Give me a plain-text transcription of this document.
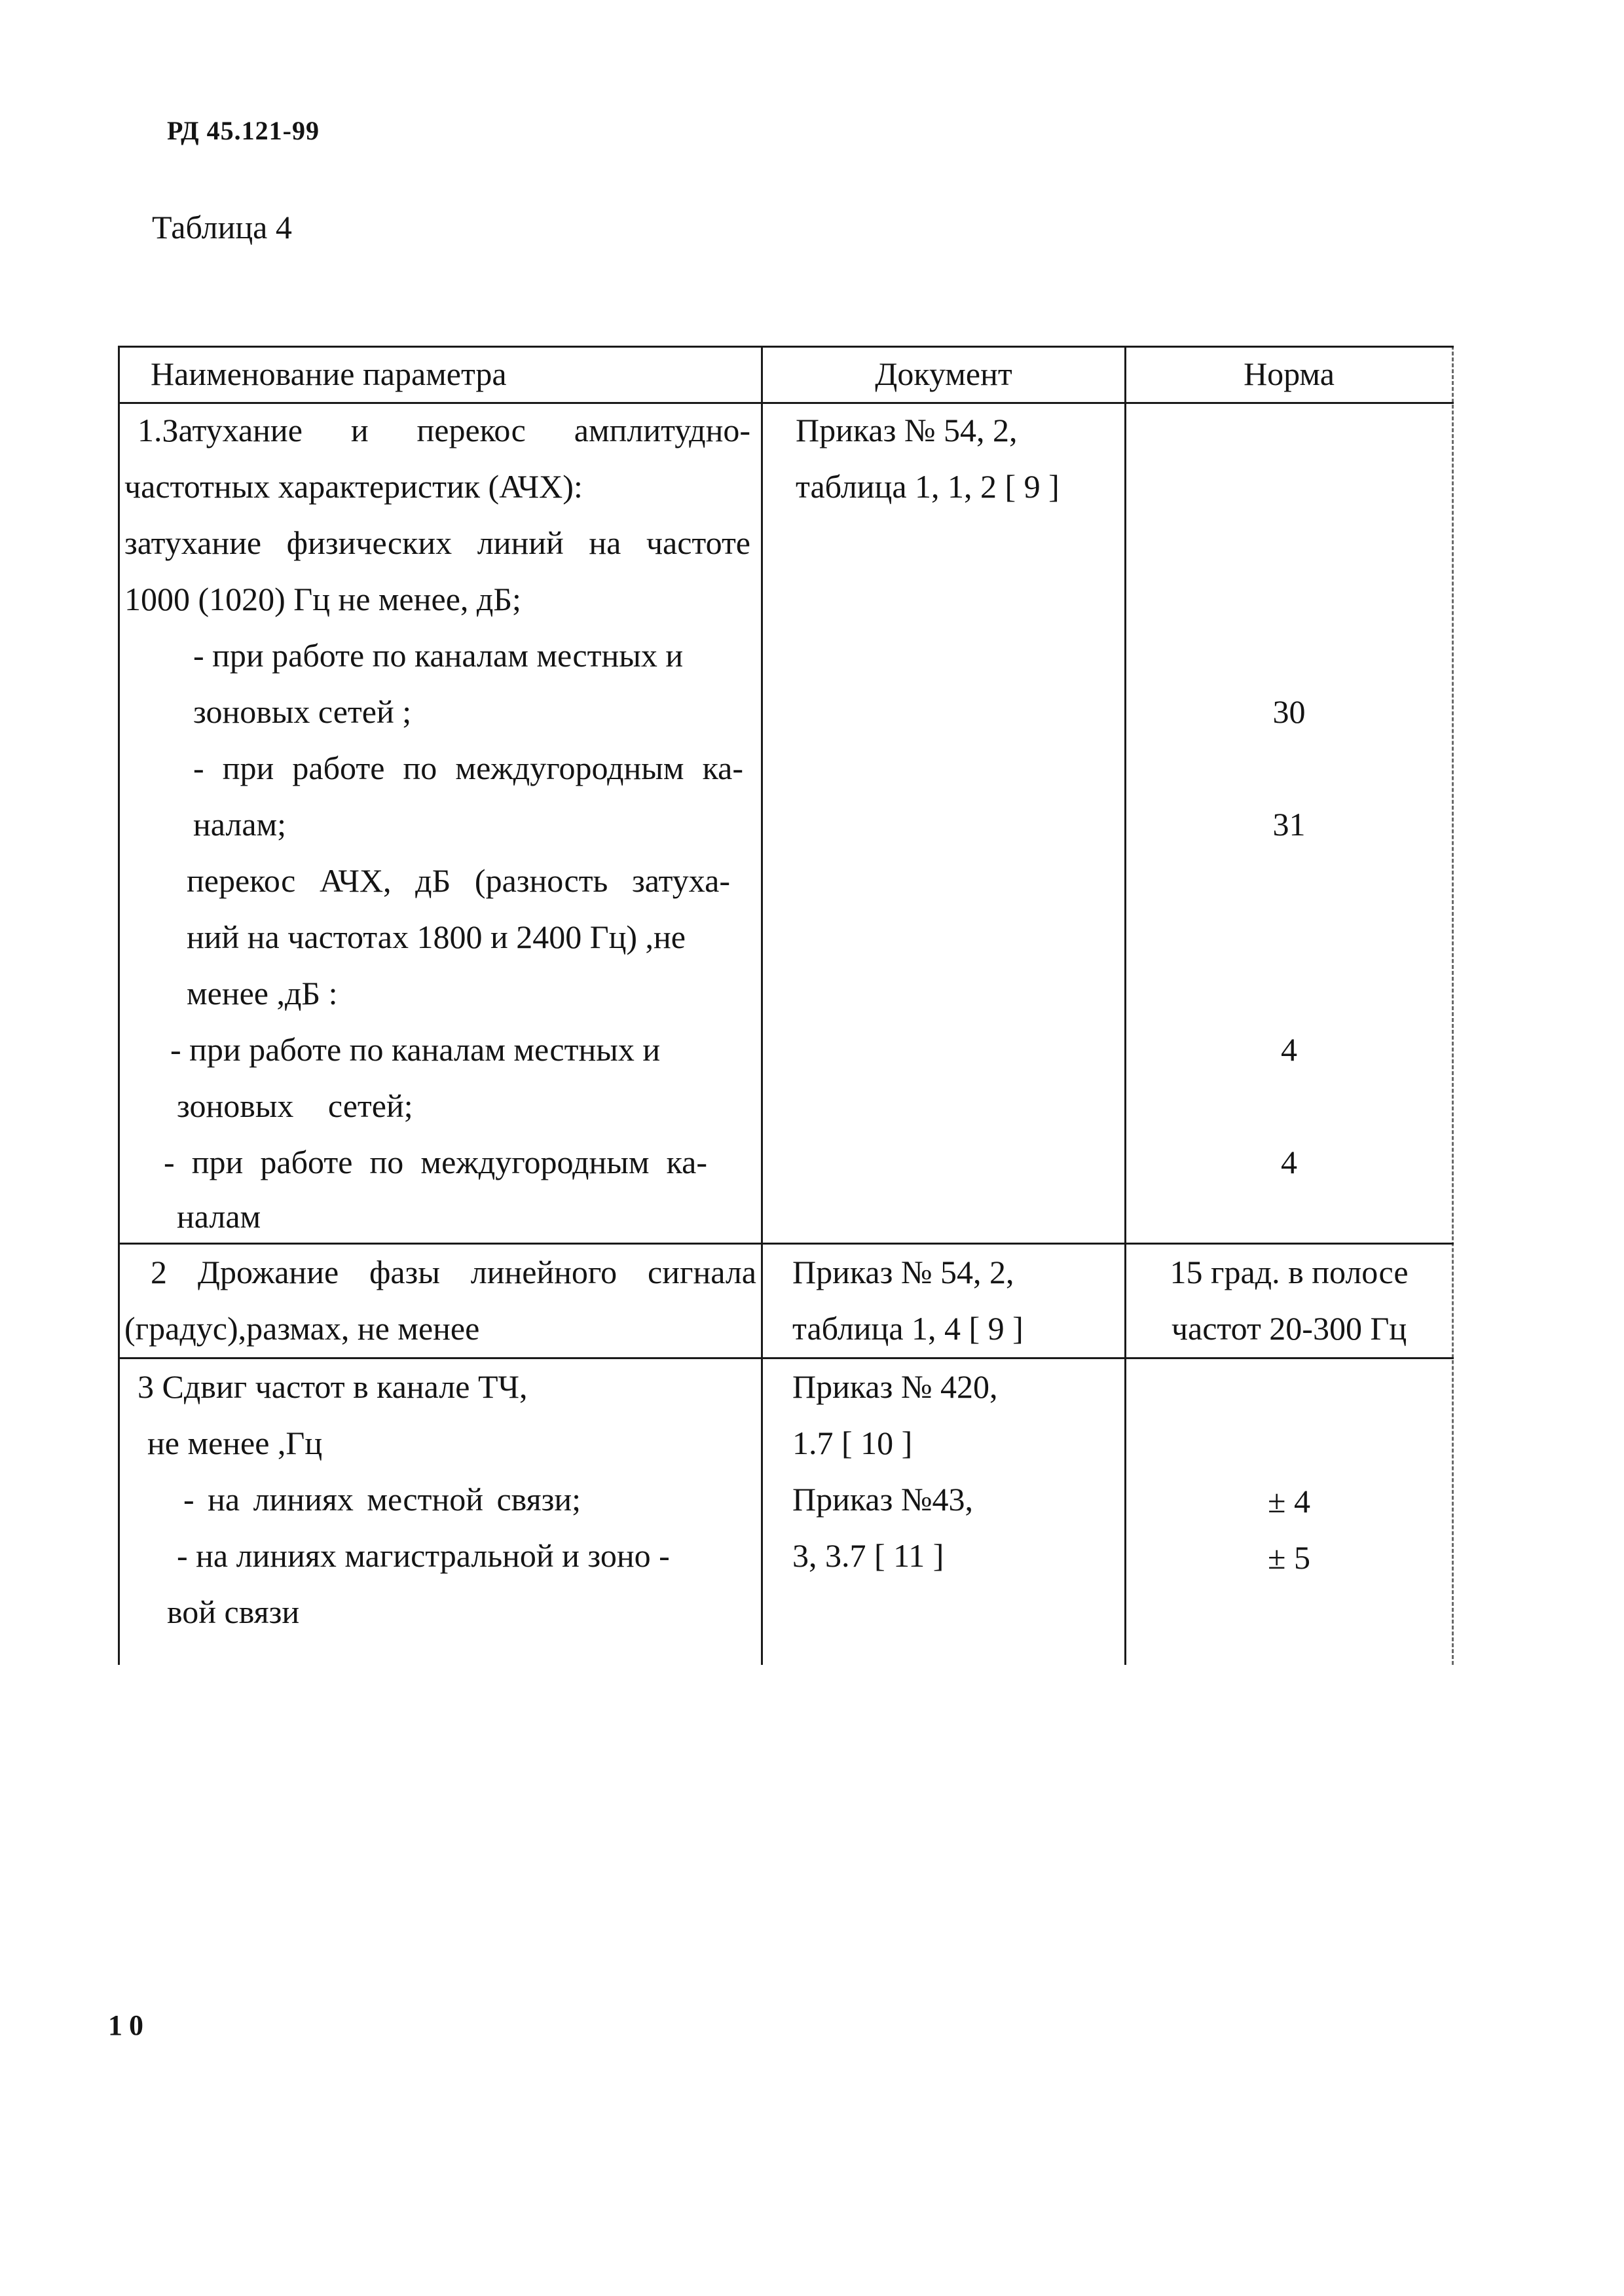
РД 45.121-99
Таблица 4
Наименование параметра	Документ	Норма
1.Затухание и перекос амплитудно-
частотных характеристик (АЧХ):
затухание физических линий на частоте
1000 (1020) Гц не менее, дБ;
- при работе по каналам местных и
зоновых сетей ;
- при работе по междугородным ка-
налам;
перекос АЧХ, дБ (разность затуха-
ний на частотах 1800 и 2400 Гц) ,не
менее ,дБ :
- при работе по каналам местных и
зоновых сетей;
- при работе по междугородным ка-
налам
Приказ № 54, 2,
таблица 1, 1, 2 [ 9 ]
30
31
4
4
2 Дрожание фазы линейного сигнала
(градус),размах, не менее
Приказ № 54, 2,
таблица 1, 4 [ 9 ]
15 град. в полосе
частот 20-300 Гц
3 Сдвиг частот в канале ТЧ,
не менее ,Гц
- на линиях местной связи;
- на линиях магистральной и зоно -
вой связи
Приказ № 420,
1.7 [ 10 ]
Приказ №43,
3, 3.7 [ 11 ]
± 4
± 5
10
